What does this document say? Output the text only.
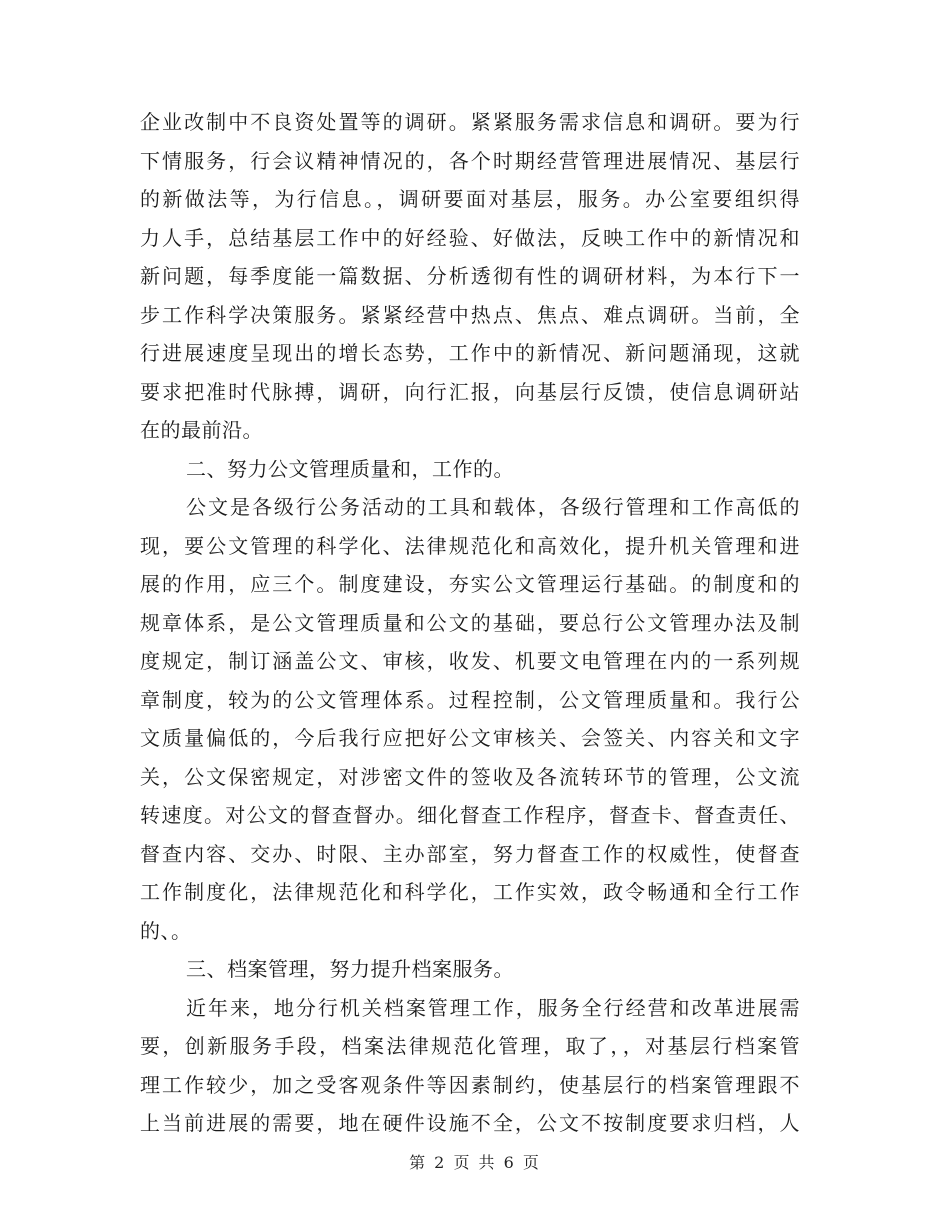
企业改制中不良资处置等的调研。紧紧服务需求信息和调研。要为行
下情服务，行会议精神情况的，各个时期经营管理进展情况、基层行
的新做法等，为行信息。，调研要面对基层，服务。办公室要组织得
力人手，总结基层工作中的好经验、好做法，反映工作中的新情况和
新问题，每季度能一篇数据、分析透彻有性的调研材料，为本行下一
步工作科学决策服务。紧紧经营中热点、焦点、难点调研。当前，全
行进展速度呈现出的增长态势，工作中的新情况、新问题涌现，这就
要求把准时代脉搏，调研，向行汇报，向基层行反馈，使信息调研站
在的最前沿。
二、努力公文管理质量和，工作的。
公文是各级行公务活动的工具和载体，各级行管理和工作高低的
现，要公文管理的科学化、法律规范化和高效化，提升机关管理和进
展的作用，应三个。制度建设，夯实公文管理运行基础。的制度和的
规章体系，是公文管理质量和公文的基础，要总行公文管理办法及制
度规定，制订涵盖公文、审核，收发、机要文电管理在内的一系列规
章制度，较为的公文管理体系。过程控制，公文管理质量和。我行公
文质量偏低的，今后我行应把好公文审核关、会签关、内容关和文字
关，公文保密规定，对涉密文件的签收及各流转环节的管理，公文流
转速度。对公文的督查督办。细化督查工作程序，督查卡、督查责任、
督查内容、交办、时限、主办部室，努力督查工作的权威性，使督查
工作制度化，法律规范化和科学化，工作实效，政令畅通和全行工作
的、。
三、档案管理，努力提升档案服务。
近年来，地分行机关档案管理工作，服务全行经营和改革进展需
要，创新服务手段，档案法律规范化管理，取了，，对基层行档案管
理工作较少，加之受客观条件等因素制约，使基层行的档案管理跟不
上当前进展的需要，地在硬件设施不全，公文不按制度要求归档，人
第 2 页 共 6 页
